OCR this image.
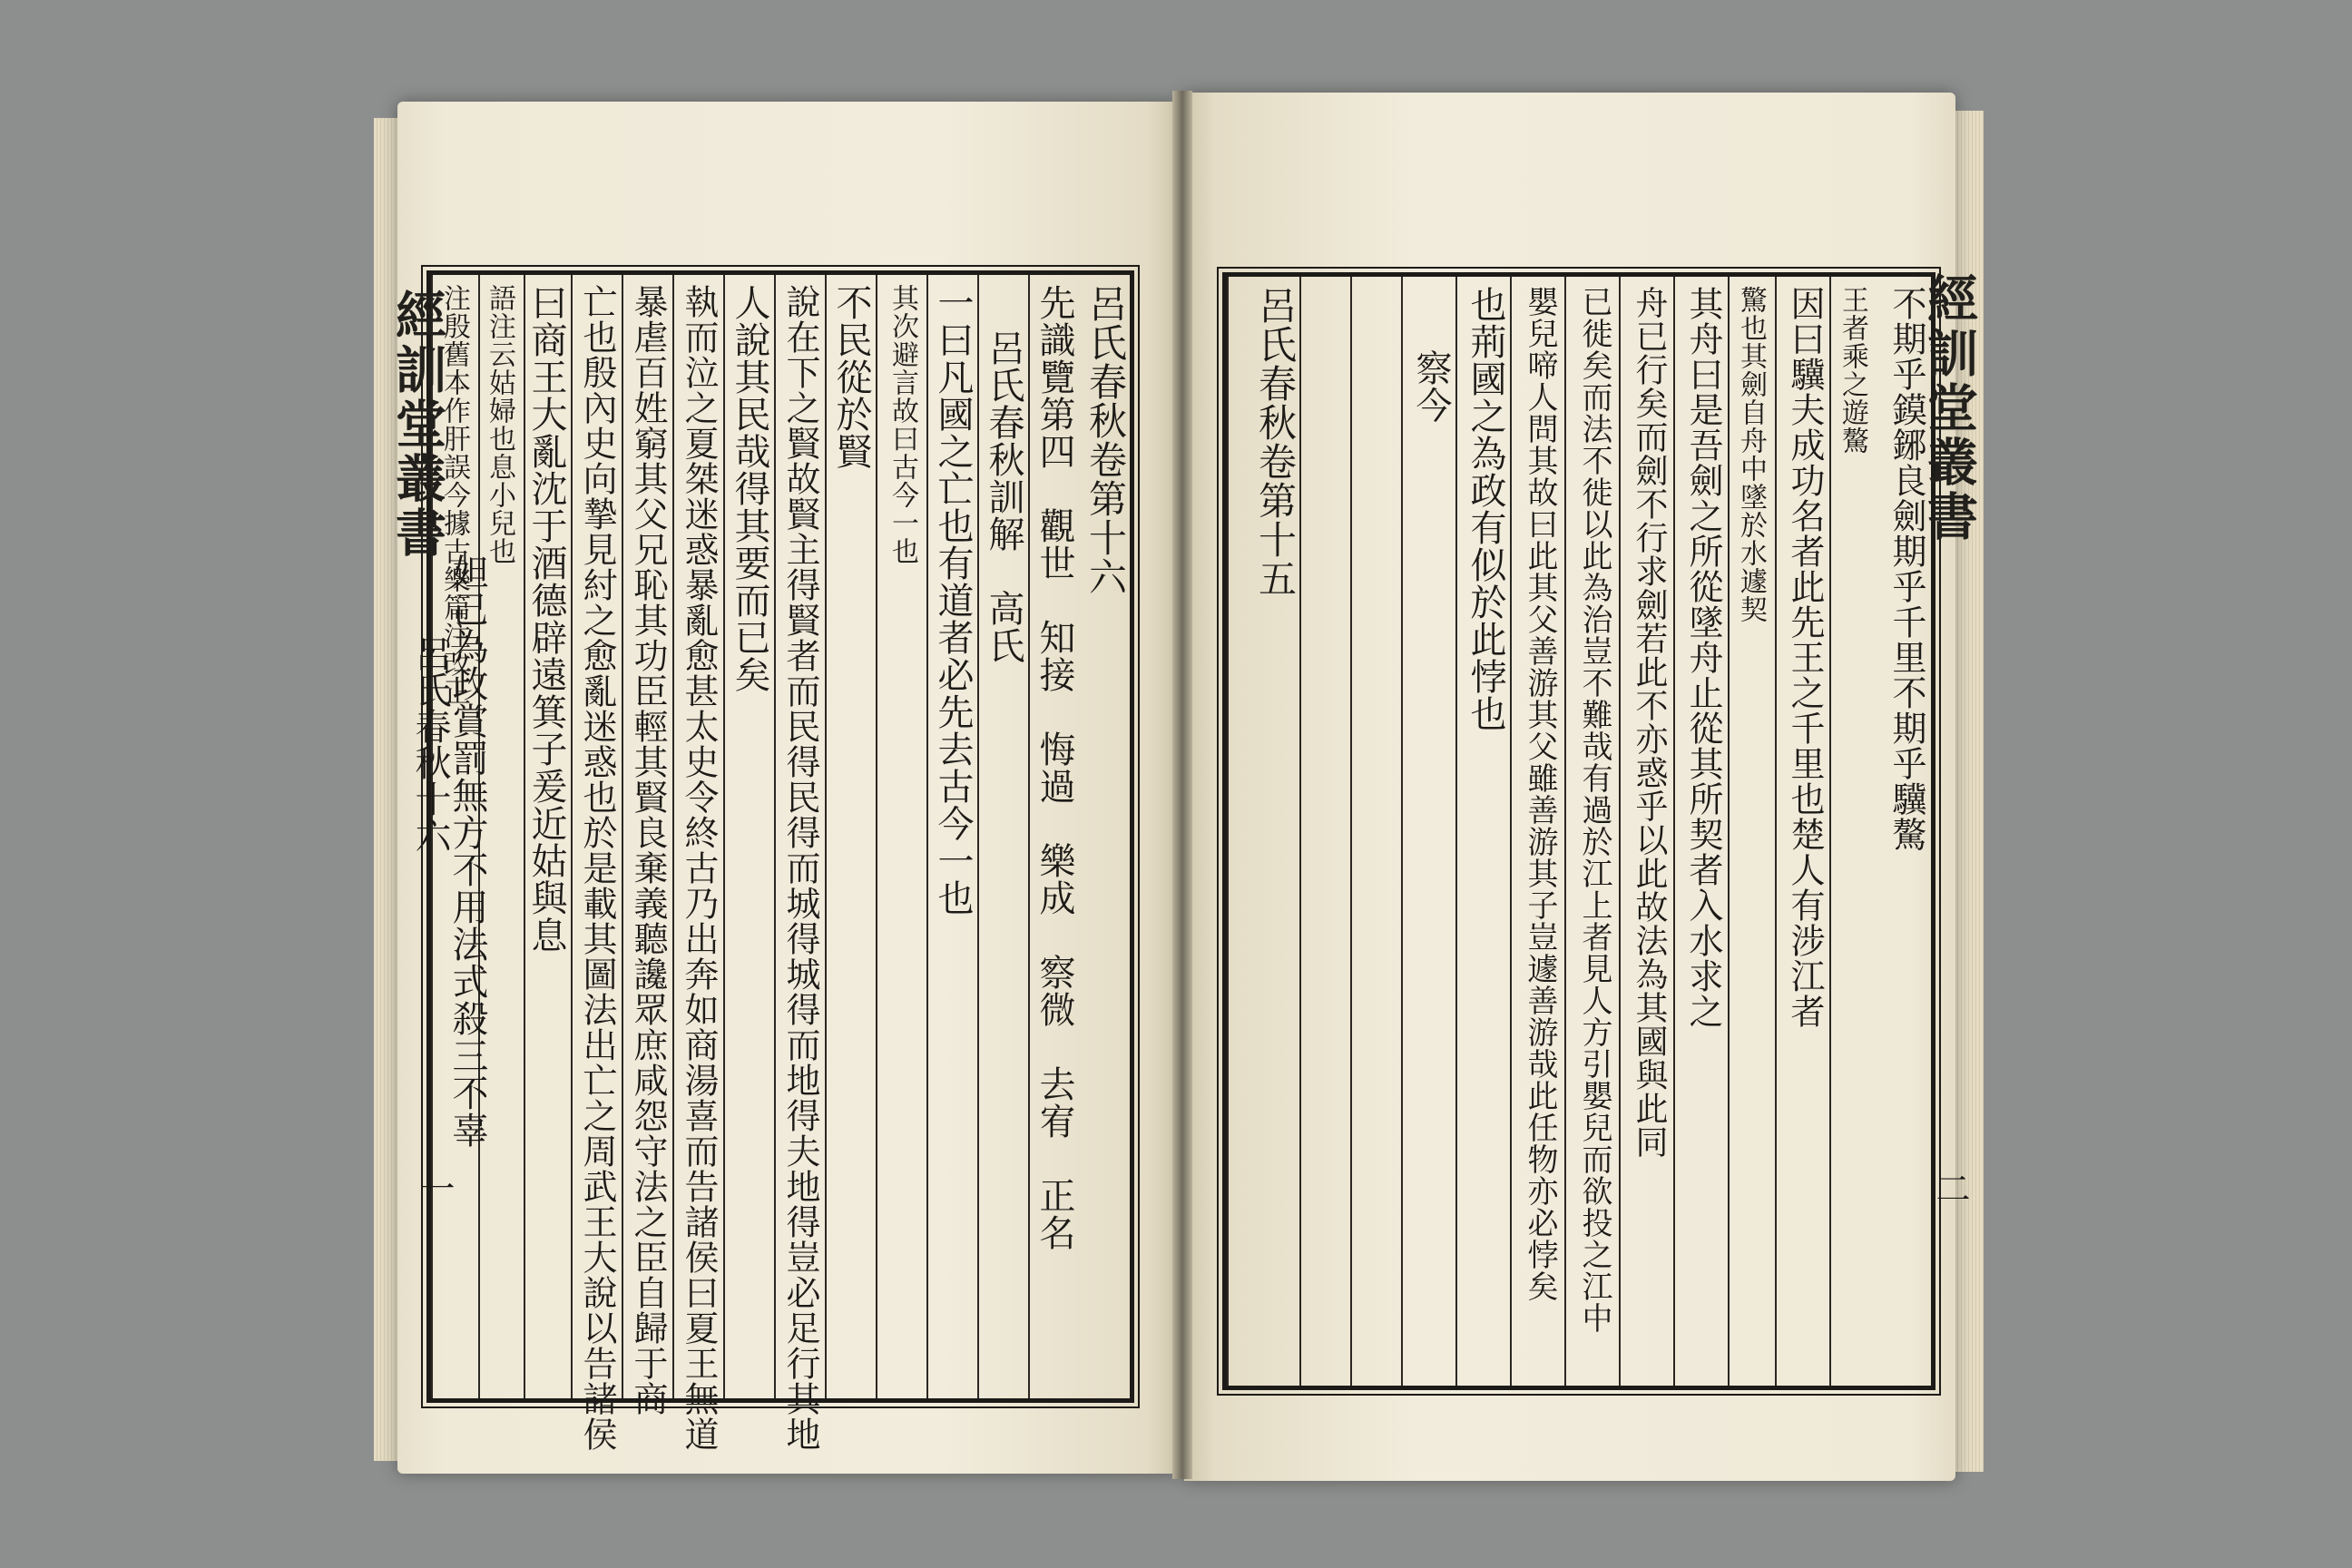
呂氏春秋卷第十六
先識覽第四　觀世　知接　悔過　樂成　察微　去宥　正名
呂氏春秋訓解　高氏
一曰凡國之亡也有道者必先去古今一也
其次避言故曰古今一也
不民從於賢
說在下之賢故賢主得賢者而民得民得而城得城得而地得夫地得豈必足行其地
人說其民哉得其要而已矣
執而泣之夏桀迷惑暴亂愈甚太史令終古乃出奔如商湯喜而告諸侯曰夏王無道
暴虐百姓窮其父兄恥其功臣輕其賢良棄義聽讒眾庶咸怨守法之臣自歸于商
亡也殷內史向摯見紂之愈亂迷惑也於是載其圖法出亡之周武王大說以告諸侯
曰商王大亂沈于酒德辟遠箕子爰近姑與息
語注云姑婦也息小兒也
注殷舊本作肝誤今據古樂篇注改正
經訓堂叢書
呂氏春秋十六
一
妲己為政賞罰無方不用法式殺三不辜	不期乎鏌鋣良劍期乎千里不期乎驥驁
王者乘之遊驁
因曰驥夫成功名者此先王之千里也楚人有涉江者
驚也其劍自舟中墜於水遽契
其舟曰是吾劍之所從墜舟止從其所契者入水求之
舟已行矣而劍不行求劍若此不亦惑乎以此故法為其國與此同
已徙矣而法不徙以此為治豈不難哉有過於江上者見人方引嬰兒而欲投之江中
嬰兒啼人問其故曰此其父善游其父雖善游其子豈遽善游哉此任物亦必悖矣
也荊國之為政有似於此悖也
察今
呂氏春秋卷第十五	經訓堂叢書
二
